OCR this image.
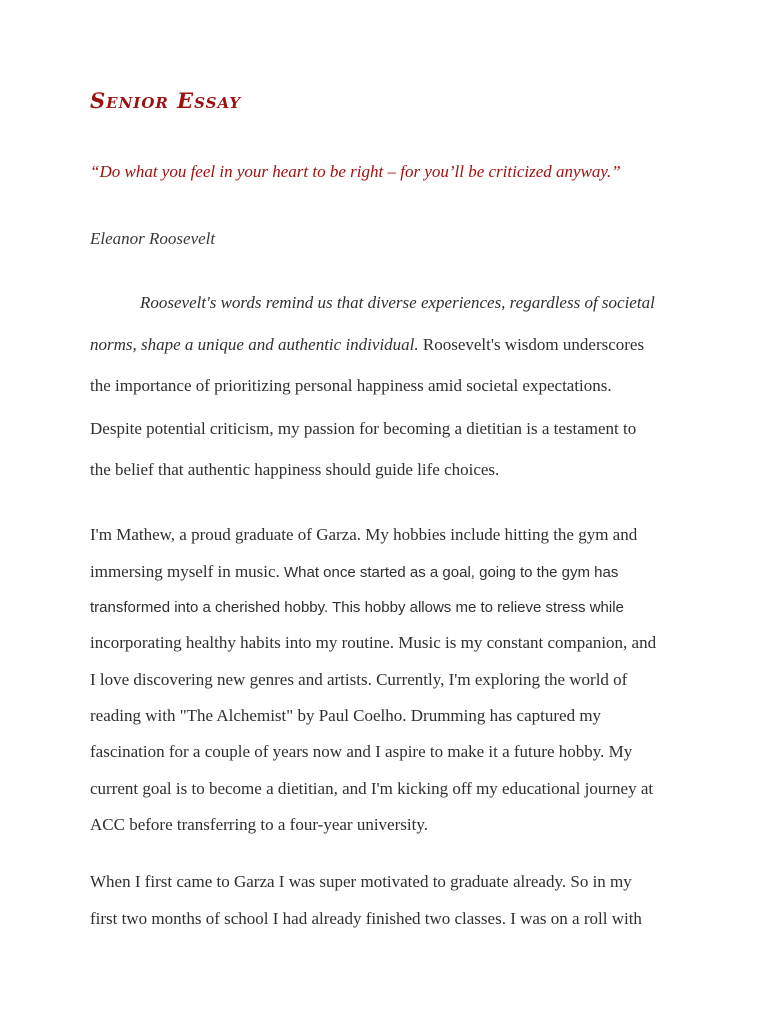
Senior Essay

“Do what you feel in your heart to be right – for you’ll be criticized anyway.”

Eleanor Roosevelt

Roosevelt's words remind us that diverse experiences, regardless of societal
norms, shape a unique and authentic individual. Roosevelt's wisdom underscores
the importance of prioritizing personal happiness amid societal expectations.
Despite potential criticism, my passion for becoming a dietitian is a testament to
the belief that authentic happiness should guide life choices.
I'm Mathew, a proud graduate of Garza. My hobbies include hitting the gym and
immersing myself in music. What once started as a goal, going to the gym has
transformed into a cherished hobby. This hobby allows me to relieve stress while
incorporating healthy habits into my routine. Music is my constant companion, and
I love discovering new genres and artists. Currently, I'm exploring the world of
reading with "The Alchemist" by Paul Coelho. Drumming has captured my
fascination for a couple of years now and I aspire to make it a future hobby. My
current goal is to become a dietitian, and I'm kicking off my educational journey at
ACC before transferring to a four-year university.
When I first came to Garza I was super motivated to graduate already. So in my
first two months of school I had already finished two classes. I was on a roll with
